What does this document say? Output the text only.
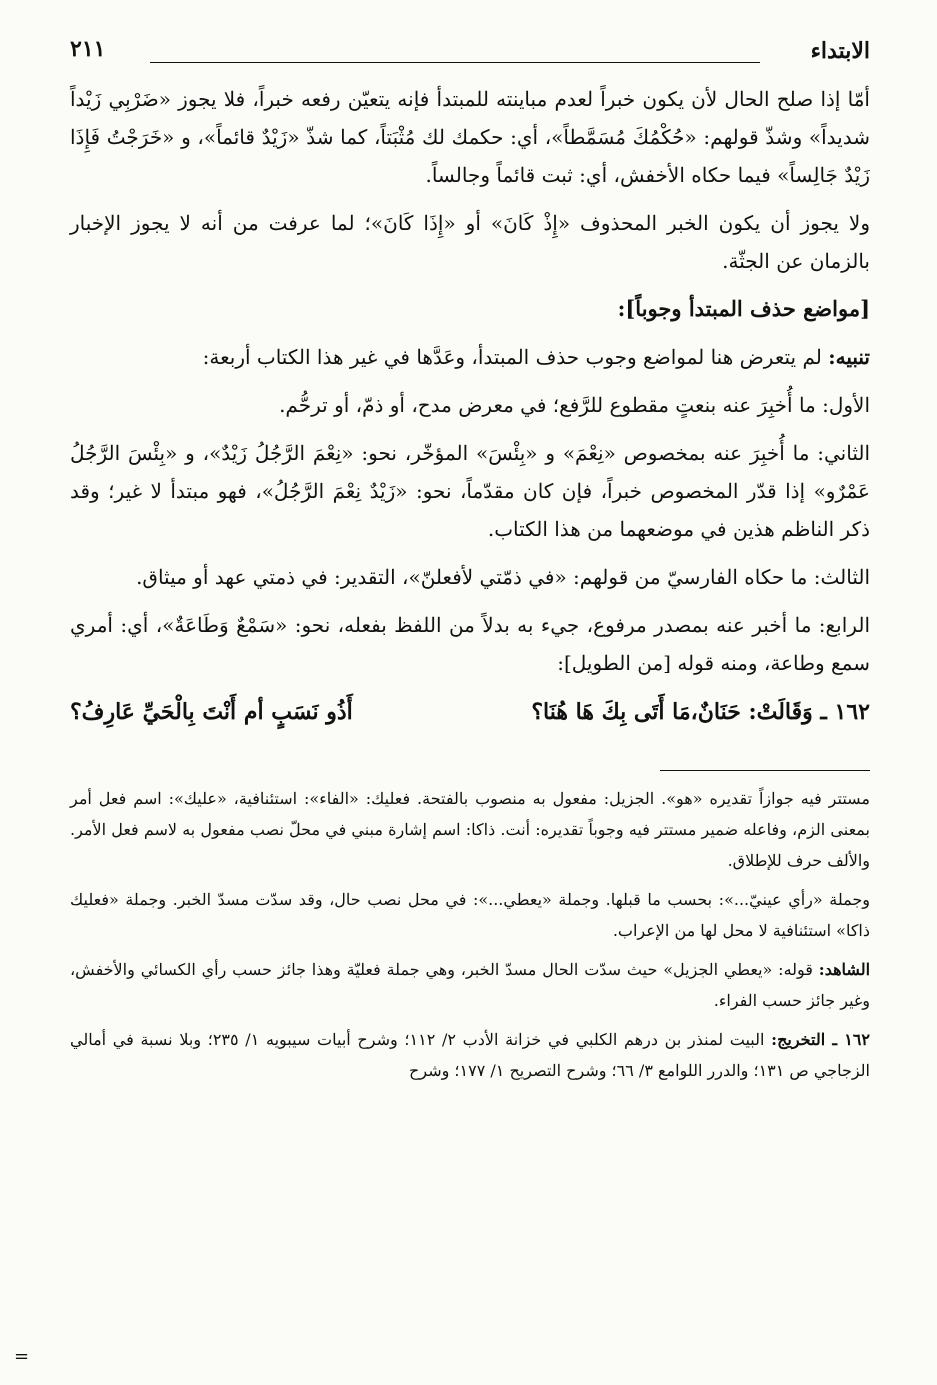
الابتداء
٢١١

أمّا إذا صلح الحال لأن يكون خبراً لعدم مباينته للمبتدأ فإنه يتعيّن رفعه خبراً، فلا يجوز «ضَرْبِي زَيْداً شديداً» وشذّ قولهم: «حُكْمُكَ مُسَمَّطاً»، أي: حكمك لك مُثْبَتاً، كما شذّ «زَيْدٌ قائماً»، و «خَرَجْتُ فَإِذَا زَيْدٌ جَالِساً» فيما حكاه الأخفش، أي: ثبت قائماً وجالساً.

ولا يجوز أن يكون الخبر المحذوف «إِذْ كَانَ» أو «إِذَا كَانَ»؛ لما عرفت من أنه لا يجوز الإخبار بالزمان عن الجثّة.

[مواضع حذف المبتدأ وجوباً]:

تنبيه: لم يتعرض هنا لمواضع وجوب حذف المبتدأ، وعَدَّها في غير هذا الكتاب أربعة:

الأول: ما أُخبِرَ عنه بنعتٍ مقطوع للرَّفع؛ في معرض مدح، أو ذمّ، أو ترحُّم.

الثاني: ما أُخبِرَ عنه بمخصوص «نِعْمَ» و «بِئْسَ» المؤخّر، نحو: «نِعْمَ الرَّجُلُ زَيْدٌ»، و «بِئْسَ الرَّجُلُ عَمْرٌو» إذا قدّر المخصوص خبراً، فإن كان مقدّماً، نحو: «زَيْدٌ نِعْمَ الرَّجُلُ»، فهو مبتدأ لا غير؛ وقد ذكر الناظم هذين في موضعهما من هذا الكتاب.

الثالث: ما حكاه الفارسيّ من قولهم: «في ذمّتي لأفعلنّ»، التقدير: في ذمتي عهد أو ميثاق.

الرابع: ما أخبر عنه بمصدر مرفوع، جيء به بدلاً من اللفظ بفعله، نحو: «سَمْعٌ وَطَاعَةٌ»، أي: أمري سمع وطاعة، ومنه قوله [من الطويل]:

١٦٢ ـ وَقَالَتْ: حَنَانٌ،مَا أَتَى بِكَ هَا هُنَا؟
أَذُو نَسَبٍ أم أَنْتَ بِالْحَيِّ عَارِفُ؟

مستتر فيه جوازاً تقديره «هو». الجزيل: مفعول به منصوب بالفتحة. فعليك: «الفاء»: استئنافية، «عليك»: اسم فعل أمر بمعنى الزم، وفاعله ضمير مستتر فيه وجوباً تقديره: أنت. ذاكا: اسم إشارة مبني في محلّ نصب مفعول به لاسم فعل الأمر. والألف حرف للإطلاق.

وجملة «رأي عينيّ...»: بحسب ما قبلها. وجملة «يعطي...»: في محل نصب حال، وقد سدّت مسدّ الخبر. وجملة «فعليك ذاكا» استئنافية لا محل لها من الإعراب.

الشاهد: قوله: «يعطي الجزيل» حيث سدّت الحال مسدّ الخبر، وهي جملة فعليّة وهذا جائز حسب رأي الكسائي والأخفش، وغير جائز حسب الفراء.

١٦٢ ـ التخريج: البيت لمنذر بن درهم الكلبي في خزانة الأدب ٢/ ١١٢؛ وشرح أبيات سيبويه ١/ ٢٣٥؛ وبلا نسبة في أمالي الزجاجي ص ١٣١؛ والدرر اللوامع ٣/ ٦٦؛ وشرح التصريح ١/ ١٧٧؛ وشرح

=
